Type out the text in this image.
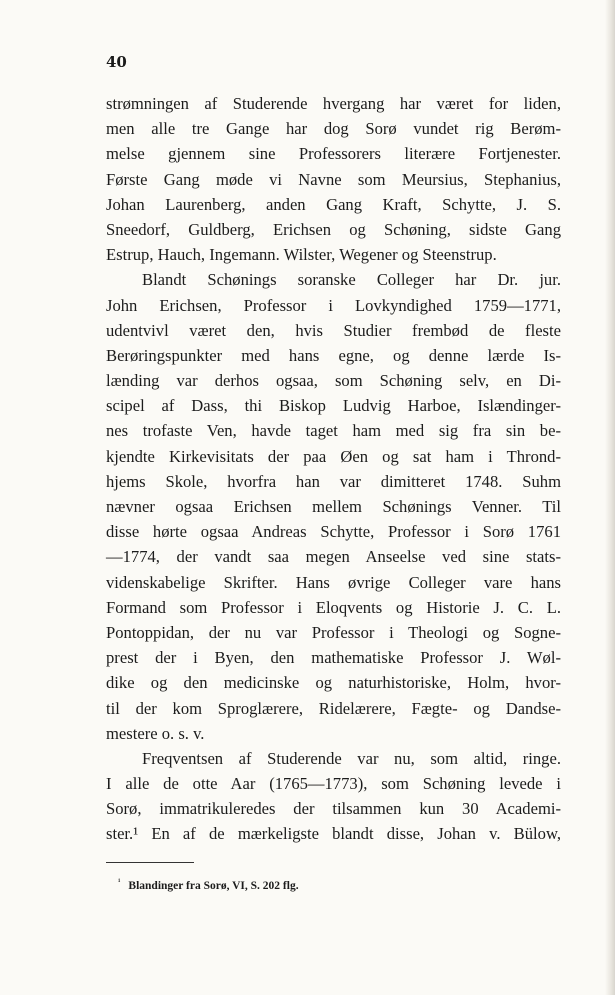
40
strømningen af Studerende hvergang har været for liden,
men alle tre Gange har dog Sorø vundet rig Berøm-
melse gjennem sine Professorers literære Fortjenester.
Første Gang møde vi Navne som Meursius, Stephanius,
Johan Laurenberg, anden Gang Kraft, Schytte, J. S.
Sneedorf, Guldberg, Erichsen og Schøning, sidste Gang
Estrup, Hauch, Ingemann. Wilster, Wegener og Steenstrup.
Blandt Schønings soranske Colleger har Dr. jur.
John Erichsen, Professor i Lovkyndighed 1759—1771,
udentvivl været den, hvis Studier frembød de fleste
Berøringspunkter med hans egne, og denne lærde Is-
lænding var derhos ogsaa, som Schøning selv, en Di-
scipel af Dass, thi Biskop Ludvig Harboe, Islændinger-
nes trofaste Ven, havde taget ham med sig fra sin be-
kjendte Kirkevisitats der paa Øen og sat ham i Thrond-
hjems Skole, hvorfra han var dimitteret 1748. Suhm
nævner ogsaa Erichsen mellem Schønings Venner. Til
disse hørte ogsaa Andreas Schytte, Professor i Sorø 1761
—1774, der vandt saa megen Anseelse ved sine stats-
videnskabelige Skrifter. Hans øvrige Colleger vare hans
Formand som Professor i Eloqvents og Historie J. C. L.
Pontoppidan, der nu var Professor i Theologi og Sogne-
prest der i Byen, den mathematiske Professor J. Wøl-
dike og den medicinske og naturhistoriske, Holm, hvor-
til der kom Sproglærere, Ridelærere, Fægte- og Dandse-
mestere o. s. v.
Freqventsen af Studerende var nu, som altid, ringe.
I alle de otte Aar (1765—1773), som Schøning levede i
Sorø, immatrikuleredes der tilsammen kun 30 Academi-
ster.¹ En af de mærkeligste blandt disse, Johan v. Bülow,
$^{^1}$ Blandinger fra Sorø, VI, S. 202 flg.
